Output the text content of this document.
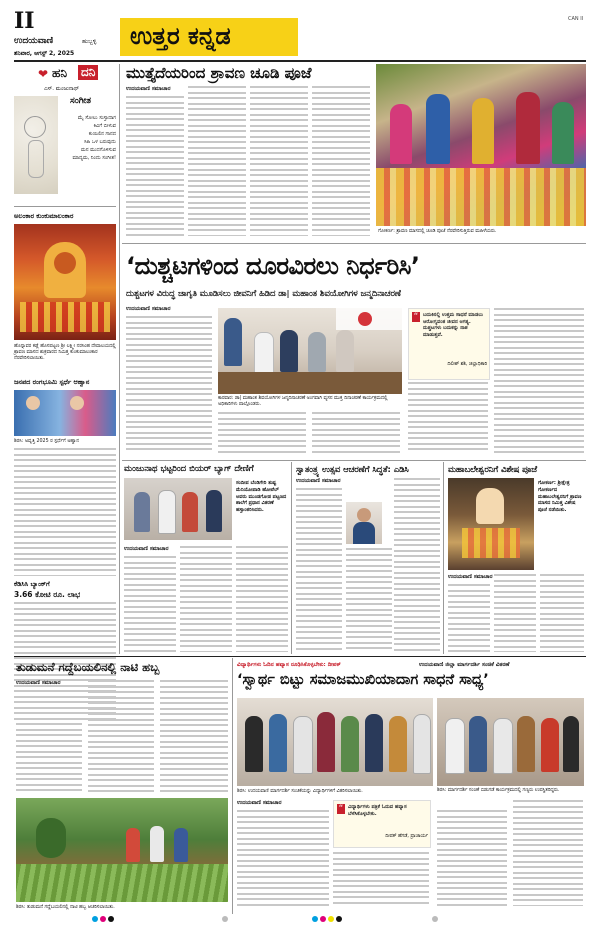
II
ಉದಯವಾಣಿ	ಹುಬ್ಬಳ್ಳಿ
ಶನಿವಾರ, ಆಗಸ್ಟ್ 2, 2025
ಉತ್ತರ ಕನ್ನಡ
CAN II
❤ ಹನಿ ದನಿ
ಎಸ್. ಮಂಜುನಾಥ್
ಸಂಗೀತ
ಮೈ ಸೋಲು ಸುಸ್ತಾದಾಗ
ಕಿವಿಗೆ ಬೀಳುವ
ಕುಯಿಲಿನ ಗಾನದ
ಸಿಹಿ ಒಳ ಬರುವುದು
ಮನ ಮುದಗೊಳಿಸುವ
ಮಾದ್ಯಮ, ನಿಂದು ಸಂಗೀತ!
ಅಲಂಕಾರ ಕುಂಕುಮಾಲಂಕಾರ
ಹೊನ್ನಾವರ ಕಡ್ಲೆ ಹೊಸಪಟ್ಟಣ ಶ್ರೀ ಲಕ್ಷ್ಮೀ ನರಸಿಂಹ ದೇವಾಲಯದಲ್ಲಿ ಶ್ರಾವಣ ಮಾಸದ ಶುಕ್ರವಾರದ ನಿಮಿತ್ತ ಕುಂಕುಮಾಲಂಕಾರ ನೆರವೇರಿಸಲಾಯಿತು.
ಜನಪದ ರಂಗಭೂಮಿ ಸ್ಪರ್ಧೆ ಆಹ್ವಾನ
ಶಿರಸಿ: ಅವೃತ್ತಿ 2025 ರ ಸ್ಪರ್ಧೆಗೆ ಅಹ್ವಾನ
ಕೆಡಿಸಿಸಿ ಬ್ಯಾಂಕ್‌ಗೆ
3.66 ಕೋಟಿ ರೂ. ಲಾಭ
ಮುತ್ತೈದೆಯರಿಂದ ಶ್ರಾವಣ ಚೂಡಿ ಪೂಜೆ
ಉದಯವಾಣಿ ಸಮಾಚಾರ
ಗೋಕರ್ಣ: ಶ್ರಾವಣ ಮಾಸದಲ್ಲಿ ಚೂಡಿ ಪೂಜೆ ನೆರವೇರಿಸುತ್ತಿರುವ ಮಹಿಳೆಯರು.
‘ದುಶ್ಚಟಗಳಿಂದ ದೂರವಿರಲು ನಿರ್ಧರಿಸಿ’
ದುಶ್ಚಟಗಳ ವಿರುದ್ಧ ಜಾಗೃತಿ ಮೂಡಿಸಲು ಜೀವನಿಗೆ ಹಿಡಿದ ಡಾ| ಮಹಾಂತ ಶಿವಯೋಗಿಗಳ ಜನ್ಮದಿನಾಚರಣೆ
ಉದಯವಾಣಿ ಸಮಾಚಾರ
ಕಾರವಾರ: ಡಾ| ಮಹಾಂತ ಶಿವಯೋಗಿಗಳ ಜನ್ಮದಿನಾಚರಣೆ ಅಂಗವಾಗಿ ವ್ಯಸನ ಮುಕ್ತ ದಿನಾಚರಣೆ ಕಾರ್ಯಕ್ರಮದಲ್ಲಿ ಅಧಿಕಾರಿಗಳು ಪಾಲ್ಗೊಂಡರು.
“ ಬದುಕಿನಲ್ಲಿ ಉತ್ತಮ ಸಾಧನೆ ಮಾಡಲು ಆರೋಗ್ಯವಂತ ಜೀವನ ಅಗತ್ಯ. ದುಶ್ಚಟಗಳು ಬದುಕನ್ನು ನಾಶ ಮಾಡುತ್ತವೆ.
ದಿಲೀಶ್ ಶಶಿ, ಜಿಲ್ಲಾಧಿಕಾರಿ
ಮಂಜುನಾಥ ಭಟ್ಟರಿಂದ ಬಿಯರ್ ಬ್ಯಾಗ್ ದೇಣಿಗೆ
ಸಂದೀಪ ಬೆಂಡಿಗೇರಿ ತುಷ್ಟ ಮೆನಿಯೋಪಾಡಿ ಹೋಟೆಲ್ ಅವರು ಮುಂಡಗೋಡ ಪಟ್ಟಣದ ಶಾಲೆಗೆ ಪ್ರಧಾನ ವಿತರಣೆ ಹಸ್ತಾಂತರಿಸಿದರು.
ಉದಯವಾಣಿ ಸಮಾಚಾರ
ಸ್ವಾತಂತ್ರ್ಯ ಉತ್ಸವ ಆಚರಣೆಗೆ ಸಿದ್ಧತೆ: ಎಡಿಸಿ
ಉದಯವಾಣಿ ಸಮಾಚಾರ
ಮಹಾಬಲೇಶ್ವರನಿಗೆ ವಿಶೇಷ ಪೂಜೆ
ಗೋಕರ್ಣ: ಶ್ರೀಕ್ಷೇತ್ರ ಗೋಕರ್ಣದ ಮಹಾಬಲೇಶ್ವರನಿಗೆ ಶ್ರಾವಣ ಮಾಸದ ನಿಮಿತ್ತ ವಿಶೇಷ ಪೂಜೆ ನಡೆಯಿತು.
ಉದಯವಾಣಿ ಸಮಾಚಾರ
ತುಡುಮನೆ ಗದ್ದೆಬಯಲಿನಲ್ಲಿ ನಾಟಿ ಹಬ್ಬ
ಉದಯವಾಣಿ ಸಮಾಚಾರ
ಶಿರಸಿ: ತುಡುಮನೆ ಗದ್ದೆಬಯಲಿನಲ್ಲಿ ನಾಟಿ ಹಬ್ಬ ಆಚರಿಸಲಾಯಿತು.
ವಿದ್ಯಾರ್ಥಿಗಳು ಓದಿನ ಹವ್ಯಾಸ ರೂಢಿಸಿಕೊಳ್ಳಬೇಕು: ದೀಪಕ್	ಉದಯವಾಣಿ ಜಿಲ್ಲಾ ಮಾರ್ಗದರ್ಶಿ ಸಂಚಿಕೆ ವಿತರಣೆ
‘ಸ್ವಾರ್ಥ ಬಿಟ್ಟು ಸಮಾಜಮುಖಿಯಾದಾಗ ಸಾಧನೆ ಸಾಧ್ಯ’
ಶಿರಸಿ: ಉದಯವಾಣಿ ಮಾರ್ಗದರ್ಶಿ ಸಂಚಿಕೆಯನ್ನು ವಿದ್ಯಾರ್ಥಿಗಳಿಗೆ ವಿತರಿಸಲಾಯಿತು.	ಶಿರಸಿ: ಮಾರ್ಗದರ್ಶಿ ಸಂಚಿಕೆ ಬಿಡುಗಡೆ ಕಾರ್ಯಕ್ರಮದಲ್ಲಿ ಗಣ್ಯರು ಉಪಸ್ಥಿತರಿದ್ದರು.
ಉದಯವಾಣಿ ಸಮಾಚಾರ
“ ವಿದ್ಯಾರ್ಥಿಗಳು ಪತ್ರಿಕೆ ಓದುವ ಹವ್ಯಾಸ ಬೆಳೆಸಿಕೊಳ್ಳಬೇಕು.
ದೀಪಕ್ ಹೆಗಡೆ, ಪ್ರಾಚಾರ್ಯ
